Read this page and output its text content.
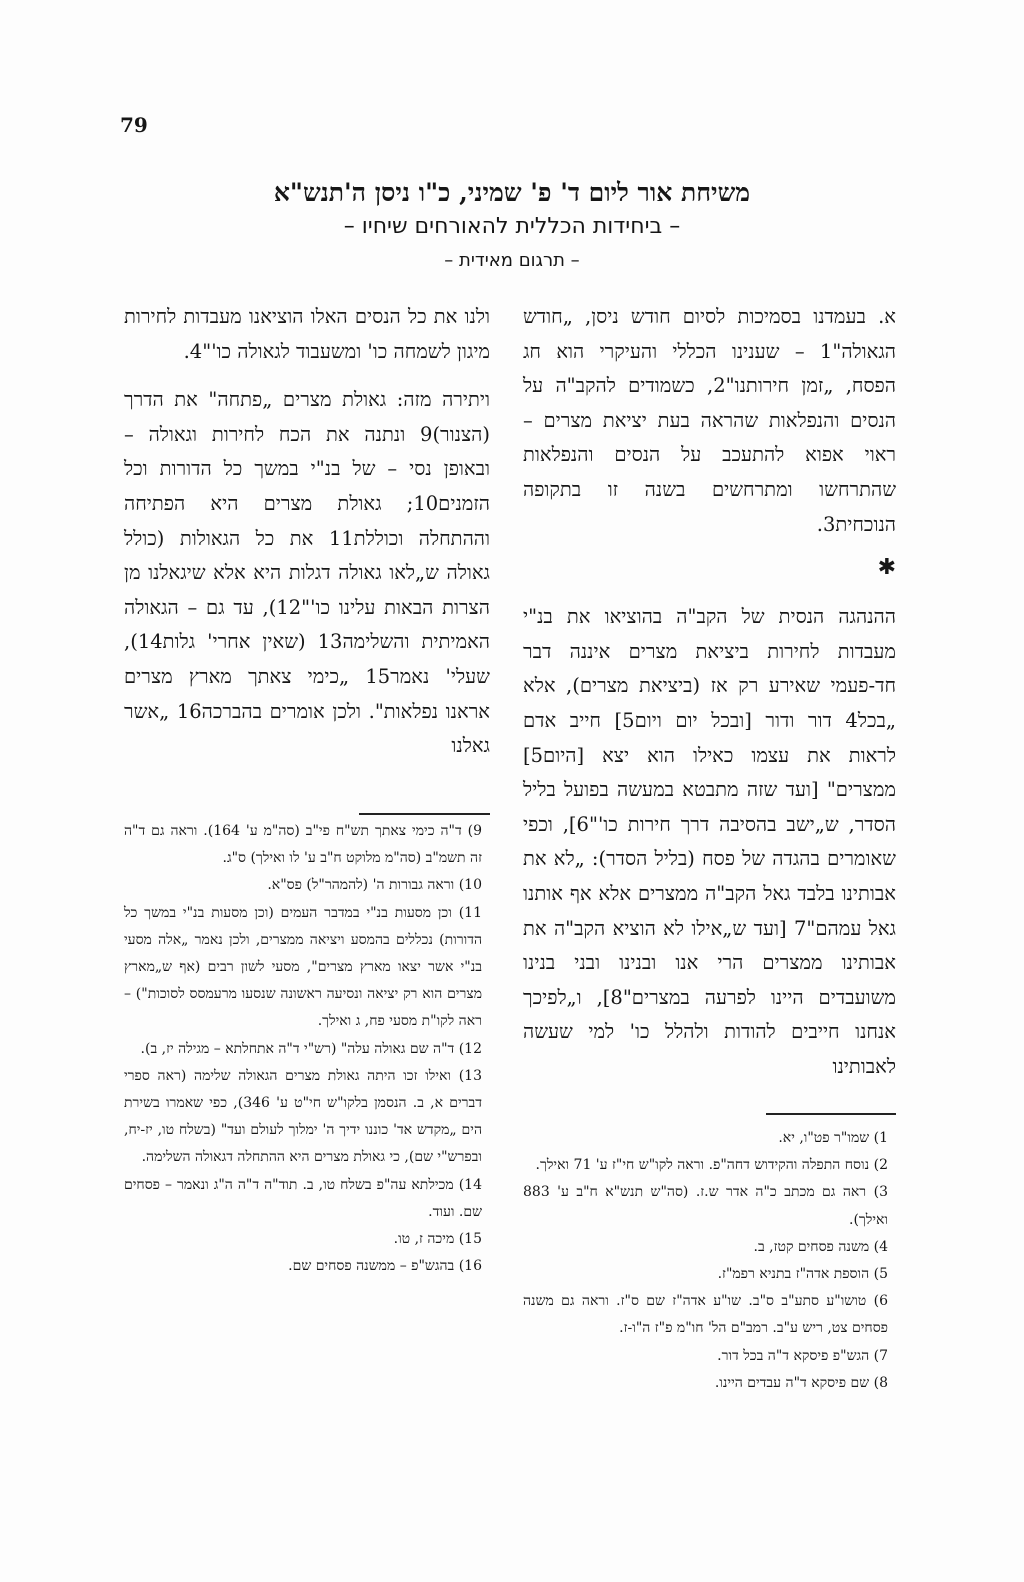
79
משיחת אור ליום ד' פ' שמיני, כ"ו ניסן ה'תנש"א
– ביחידות הכללית להאורחים שיחיו –
– תרגום מאידית –

א. בעמדנו בסמיכות לסיום חודש ניסן, „חודש הגאולה"1 – שענינו הכללי והעיקרי הוא חג הפסח, „זמן חירותנו"2, כשמודים להקב"ה על הנסים והנפלאות שהראה בעת יציאת מצרים – ראוי אפוא להתעכב על הנסים והנפלאות שהתרחשו ומתרחשים בשנה זו בתקופה הנוכחית3.

✱

ההנהגה הנסית של הקב"ה בהוציאו את בנ"י מעבדות לחירות ביציאת מצרים איננה דבר חד-פעמי שאירע רק אז (ביציאת מצרים), אלא „בכל4 דור ודור [ובכל יום ויום5] חייב אדם לראות את עצמו כאילו הוא יצא [היום5] ממצרים" [ועד שזה מתבטא במעשה בפועל בליל הסדר, ש„ישב בהסיבה דרך חירות כו'"6], וכפי שאומרים בהגדה של פסח (בליל הסדר): „לא את אבותינו בלבד גאל הקב"ה ממצרים אלא אף אותנו גאל עמהם"7 [ועד ש„אילו לא הוציא הקב"ה את אבותינו ממצרים הרי אנו ובנינו ובני בנינו משועבדים היינו לפרעה במצרים"8], ו„לפיכך אנחנו חייבים להודות ולהלל כו' למי שעשה לאבותינו

ולנו את כל הנסים האלו הוציאנו מעבדות לחירות מיגון לשמחה כו' ומשעבוד לגאולה כו'"4.

ויתירה מזה: גאולת מצרים „פתחה" את הדרך (הצנור)9 ונתנה את הכח לחירות וגאולה – ובאופן נסי – של בנ"י במשך כל הדורות וכל הזמנים10; גאולת מצרים היא הפתיחה וההתחלה וכוללת11 את כל הגאולות (כולל גאולה ש„לאו גאולה דגלות היא אלא שיגאלנו מן הצרות הבאות עלינו כו'"12), עד גם – הגאולה האמיתית והשלימה13 (שאין אחרי' גלות14), שעלי' נאמר15 „כימי צאתך מארץ מצרים אראנו נפלאות". ולכן אומרים בהברכה16 „אשר גאלנו

9) ד"ה כימי צאתך תש"ח פי"ב (סה"מ ע' 164). וראה גם ד"ה זה תשמ"ב (סה"מ מלוקט ח"ב ע' לו ואילך) ס"ג.

10) וראה גבורות ה' (להמהר"ל) פס"א.

11) וכן מסעות בנ"י במדבר העמים (וכן מסעות בנ"י במשך כל הדורות) נכללים בהמסע ויציאה ממצרים, ולכן נאמר „אלה מסעי בנ"י אשר יצאו מארץ מצרים", מסעי לשון רבים (אף ש„מארץ מצרים הוא רק יציאה ונסיעה ראשונה שנסעו מרעמסס לסוכות") – ראה לקו"ת מסעי פח, ג ואילך.

12) ד"ה שם גאולה עלה" (רש"י ד"ה אתחלתא – מגילה יז, ב).

13) ואילו זכו היתה גאולת מצרים הגאולה שלימה (ראה ספרי דברים א, ב. הנסמן בלקו"ש חי"ט ע' 346), כפי שאמרו בשירת הים „מקדש אד' כוננו ידיך ה' ימלוך לעולם ועד" (בשלח טו, יז-יח, ובפרש"י שם), כי גאולת מצרים היא ההתחלה דגאולה השלימה.

14) מכילתא עה"פ בשלח טו, ב. תוד"ה ד"ה ה"ג ונאמר – פסחים שם. ועוד.

15) מיכה ז, טו.

16) בהגש"פ – ממשנה פסחים שם.

1) שמו"ר פט"ו, יא.

2) נוסח התפלה והקידוש דחה"פ. וראה לקו"ש חי"ז ע' 71 ואילך.

3) ראה גם מכתב כ"ה אדר ש.ז. (סה"ש תנש"א ח"ב ע' 883 ואילך).

4) משנה פסחים קטז, ב.

5) הוספת אדה"ז בתניא רפמ"ז.

6) טושו"ע סתע"ב ס"ב. שו"ע אדה"ז שם ס"ז. וראה גם משנה פסחים צט, ריש ע"ב. רמב"ם הל' חו"מ פ"ז ה"ו-ז.

7) הגש"פ פיסקא ד"ה בכל דור.

8) שם פיסקא ד"ה עבדים היינו.
